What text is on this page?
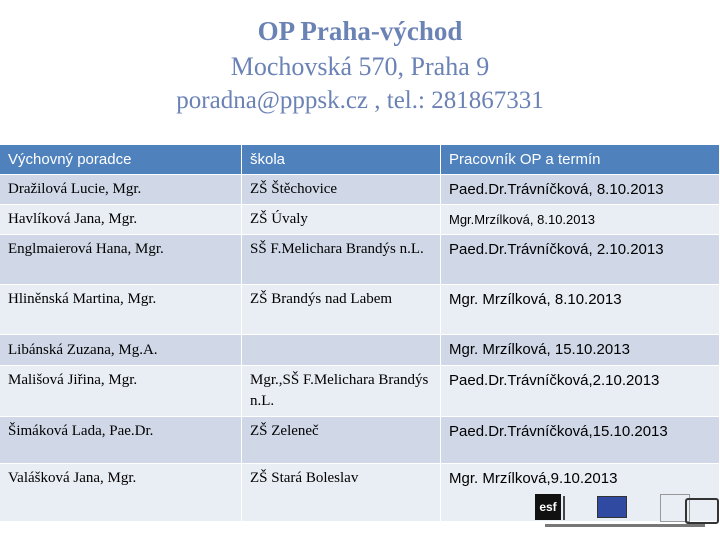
OP Praha-východ
Mochovská 570, Praha 9
poradna@pppsk.cz , tel.: 281867331
Výchovný poradce	škola	Pracovník OP a termín
Dražilová Lucie, Mgr.	ZŠ Štěchovice	Paed.Dr.Trávníčková, 8.10.2013
Havlíková Jana, Mgr.	ZŠ Úvaly	Mgr.Mrzílková, 8.10.2013
Englmaierová Hana, Mgr.	SŠ F.Melichara Brandýs n.L.	Paed.Dr.Trávníčková, 2.10.2013
Hliněnská Martina, Mgr.	ZŠ Brandýs nad Labem	Mgr. Mrzílková, 8.10.2013
Libánská Zuzana, Mg.A.		Mgr. Mrzílková, 15.10.2013
Mališová Jiřina, Mgr.	Mgr.,SŠ F.Melichara Brandýs n.L.	Paed.Dr.Trávníčková,2.10.2013
Šimáková Lada, Pae.Dr.	ZŠ Zeleneč	Paed.Dr.Trávníčková,15.10.2013
Valášková Jana, Mgr.	ZŠ Stará Boleslav	Mgr. Mrzílková,9.10.2013
esf
